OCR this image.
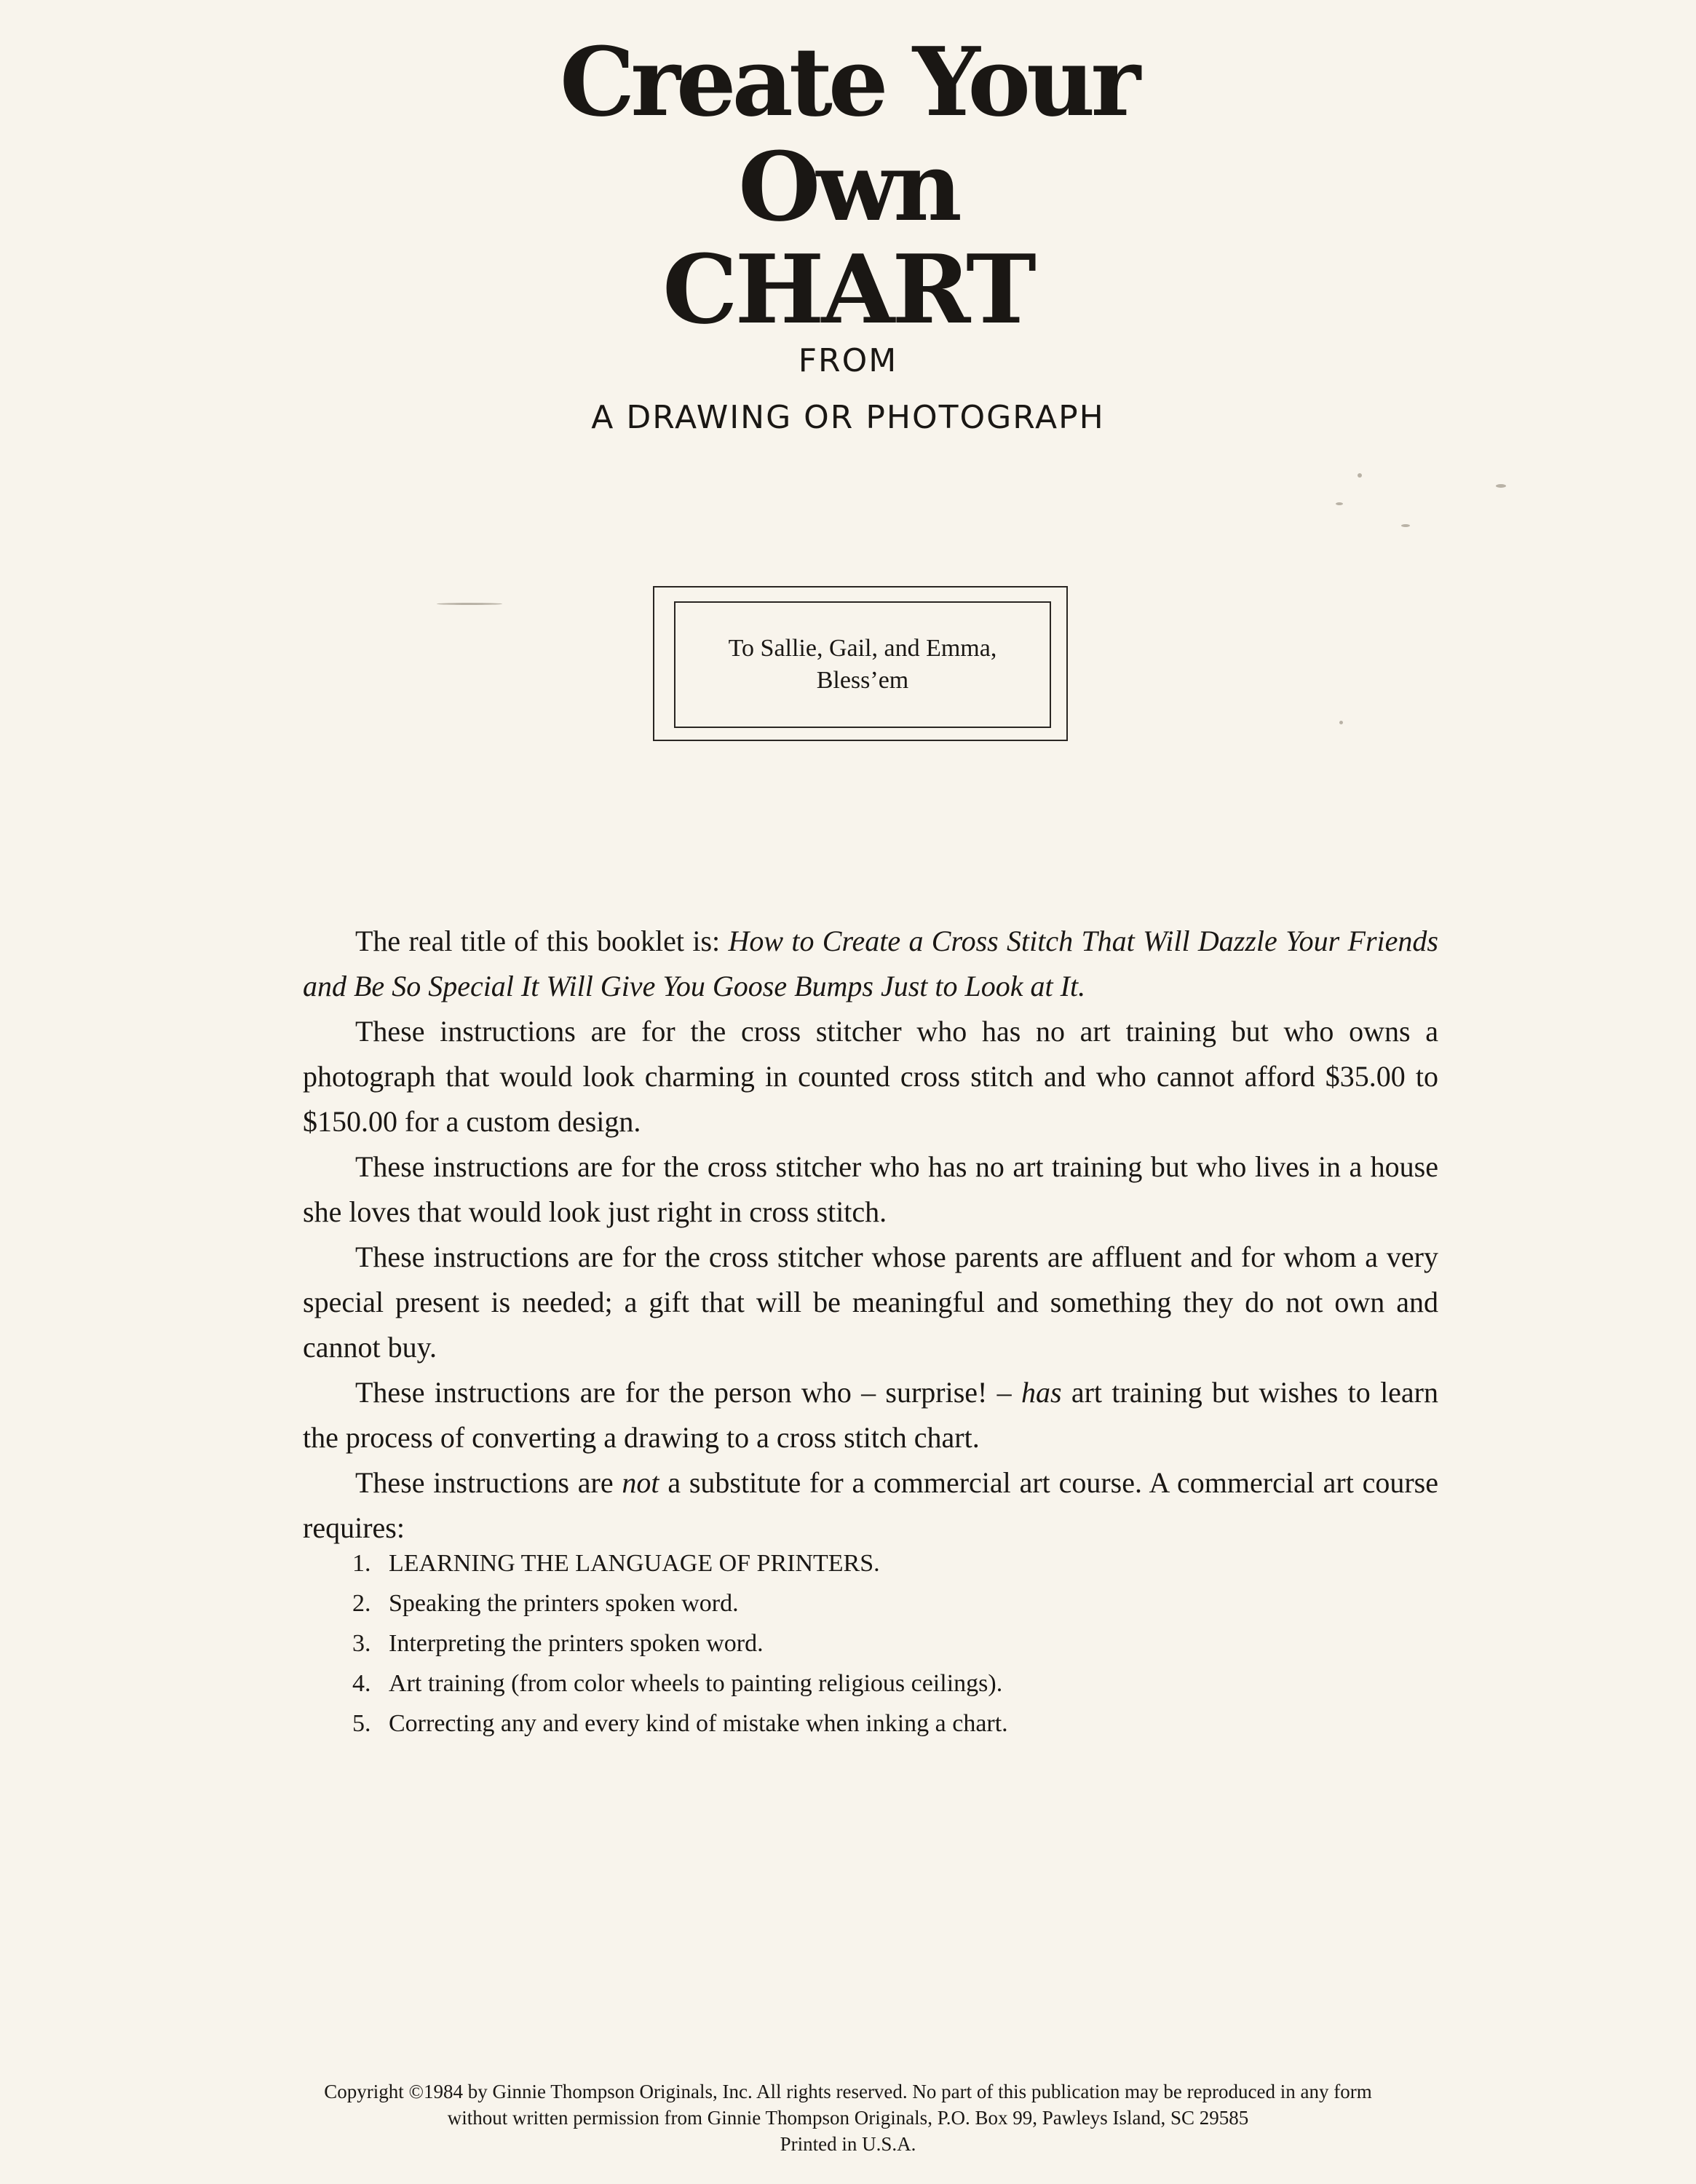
Create Your
Own
CHART
FROM
A DRAWING OR PHOTOGRAPH
To Sallie, Gail, and Emma,
Bless’em

The real title of this booklet is: How to Create a Cross Stitch That Will Dazzle Your Friends and Be So Special It Will Give You Goose Bumps Just to Look at It.

These instructions are for the cross stitcher who has no art training but who owns a photograph that would look charming in counted cross stitch and who cannot afford $35.00 to $150.00 for a custom design.

These instructions are for the cross stitcher who has no art training but who lives in a house she loves that would look just right in cross stitch.

These instructions are for the cross stitcher whose parents are affluent and for whom a very special present is needed; a gift that will be meaningful and something they do not own and cannot buy.

These instructions are for the person who – surprise! – has art training but wishes to learn the process of converting a drawing to a cross stitch chart.

These instructions are not a substitute for a commercial art course. A commercial art course requires:

1. LEARNING THE LANGUAGE OF PRINTERS.
2. Speaking the printers spoken word.
3. Interpreting the printers spoken word.
4. Art training (from color wheels to painting religious ceilings).
5. Correcting any and every kind of mistake when inking a chart.
Copyright ©1984 by Ginnie Thompson Originals, Inc. All rights reserved. No part of this publication may be reproduced in any form
without written permission from Ginnie Thompson Originals, P.O. Box 99, Pawleys Island, SC 29585
Printed in U.S.A.
